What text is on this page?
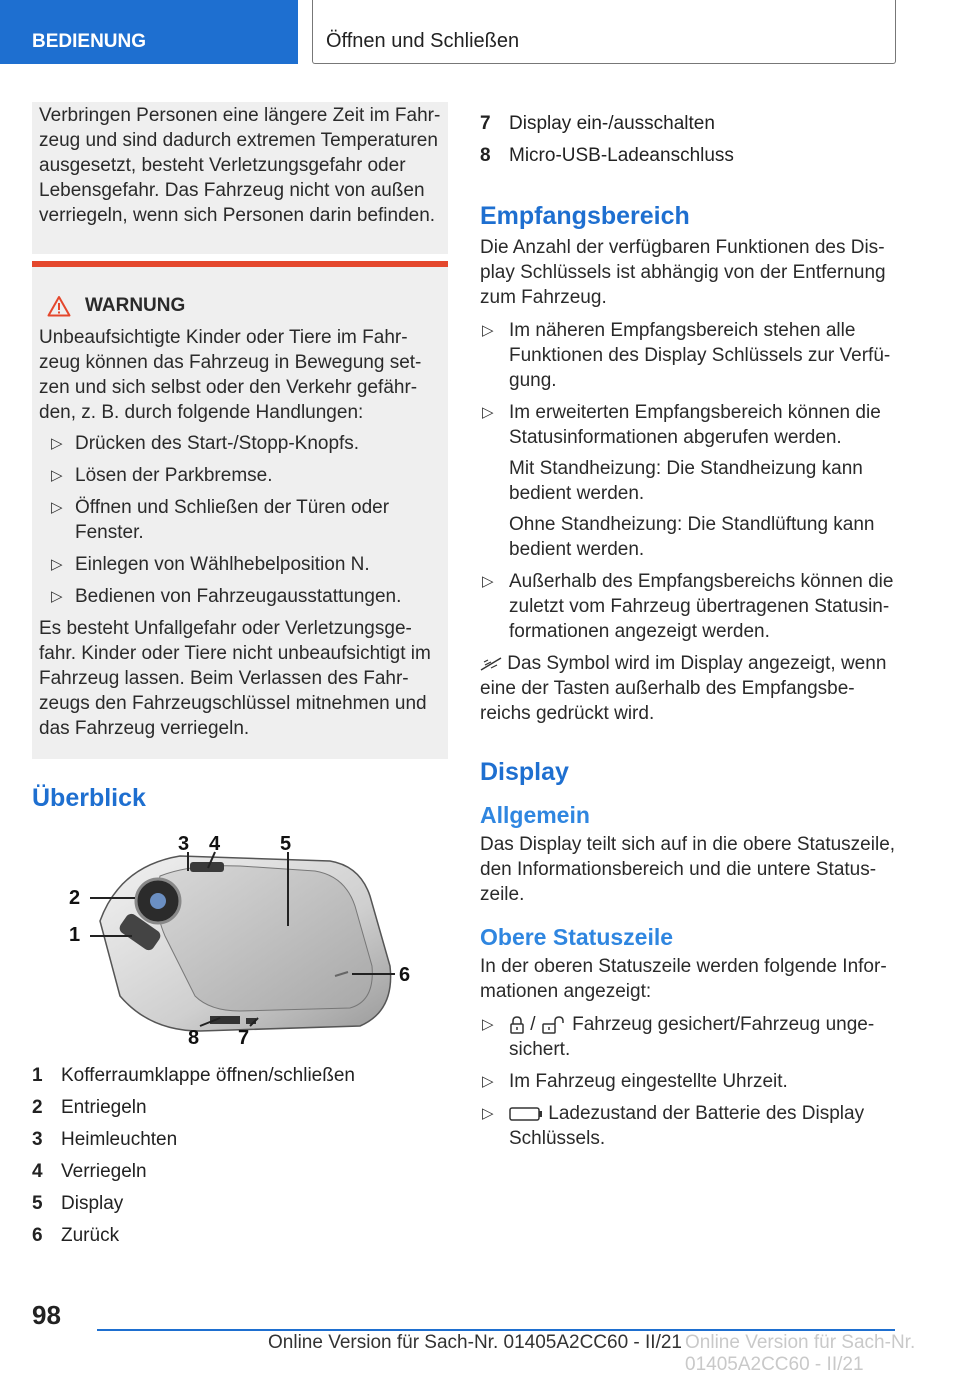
BEDIENUNG	Öffnen und Schließen

Verbringen Personen eine längere Zeit im Fahrzeug und sind dadurch extremen Temperaturen ausgesetzt, besteht Verletzungsgefahr oder Lebensgefahr. Das Fahrzeug nicht von außen verriegeln, wenn sich Personen darin befinden.

WARNUNG

Unbeaufsichtigte Kinder oder Tiere im Fahrzeug können das Fahrzeug in Bewegung setzen und sich selbst oder den Verkehr gefährden, z. B. durch folgende Handlungen:

▷ Drücken des Start-/Stopp-Knopfs.
▷ Lösen der Parkbremse.
▷ Öffnen und Schließen der Türen oder Fenster.
▷ Einlegen von Wählhebelposition N.
▷ Bedienen von Fahrzeugausstattungen.

Es besteht Unfallgefahr oder Verletzungsgefahr. Kinder oder Tiere nicht unbeaufsichtigt im Fahrzeug lassen. Beim Verlassen des Fahrzeugs den Fahrzeugschlüssel mitnehmen und das Fahrzeug verriegeln.

Überblick
1
2
3 4	5
6
7
8
1 Kofferraumklappe öffnen/schließen
2 Entriegeln
3 Heimleuchten
4 Verriegeln
5 Display
6 Zurück
7 Display ein-/ausschalten
8 Micro-USB-Ladeanschluss
Empfangsbereich

Die Anzahl der verfügbaren Funktionen des Display Schlüssels ist abhängig von der Entfernung zum Fahrzeug.

▷ Im näheren Empfangsbereich stehen alle Funktionen des Display Schlüssels zur Verfügung.
▷ Im erweiterten Empfangsbereich können die Statusinformationen abgerufen werden.

Mit Standheizung: Die Standheizung kann bedient werden.

Ohne Standheizung: Die Standlüftung kann bedient werden.

▷ Außerhalb des Empfangsbereichs können die zuletzt vom Fahrzeug übertragenen Statusinformationen angezeigt werden.

Das Symbol wird im Display angezeigt, wenn eine der Tasten außerhalb des Empfangsbereichs gedrückt wird.

Display
Allgemein

Das Display teilt sich auf in die obere Statuszeile, den Informationsbereich und die untere Statuszeile.

Obere Statuszeile

In der oberen Statuszeile werden folgende Informationen angezeigt:

▷ / Fahrzeug gesichert/Fahrzeug ungesichert.
▷ Im Fahrzeug eingestellte Uhrzeit.
▷	Ladezustand der Batterie des Display Schlüssels.
98
Online Version für Sach-Nr. 01405A2CC60 - II/21 Online Version für Sach-Nr. 01405A2CC60 - II/21
